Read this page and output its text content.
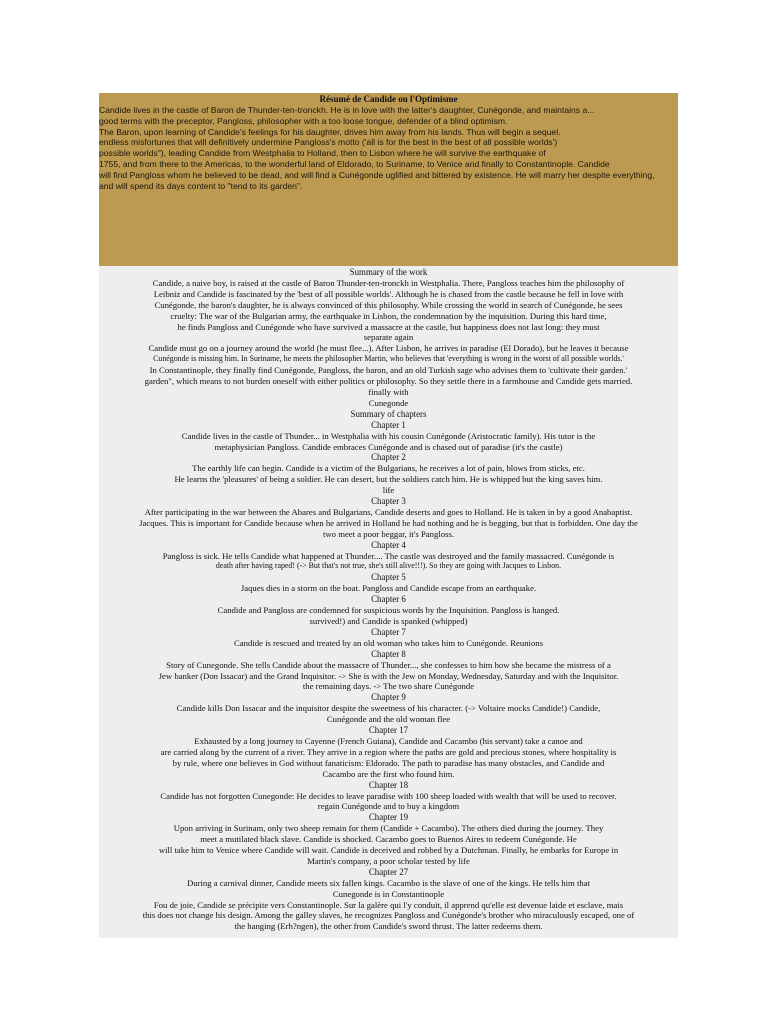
Résumé de Candide ou l'Optimisme
Candide lives in the castle of Baron de Thunder-ten-tronckh. He is in love with the latter's daughter, Cunégonde, and maintains a...
good terms with the preceptor, Pangloss, philosopher with a too loose tongue, defender of a blind optimism.
The Baron, upon learning of Candide's feelings for his daughter, drives him away from his lands. Thus will begin a sequel.
endless misfortunes that will definitively undermine Pangloss's motto ('all is for the best in the best of all possible worlds')
possible worlds"), leading Candide from Westphalia to Holland, then to Lisbon where he will survive the earthquake of
1755, and from there to the Americas, to the wonderful land of Eldorado, to Suriname, to Venice and finally to Constantinople. Candide
will find Pangloss whom he believed to be dead, and will find a Cunégonde uglified and bittered by existence. He will marry her despite everything,
and will spend its days content to "tend to its garden".
Summary of the work
Candide, a naive boy, is raised at the castle of Baron Thunder-ten-tronckh in Westphalia. There, Pangloss teaches him the philosophy of
Leibniz and Candide is fascinated by the 'best of all possible worlds'. Although he is chased from the castle because he fell in love with
Cunégonde, the baron's daughter, he is always convinced of this philosophy. While crossing the world in search of Cunégonde, he sees
cruelty: The war of the Bulgarian army, the earthquake in Lisbon, the condemnation by the inquisition. During this hard time,
he finds Pangloss and Cunégonde who have survived a massacre at the castle, but happiness does not last long: they must
separate again
Candide must go on a journey around the world (he must flee...). After Lisbon, he arrives in paradise (El Dorado), but he leaves it because
Cunégonde is missing him. In Suriname, he meets the philosopher Martin, who believes that 'everything is wrong in the worst of all possible worlds.'
In Constantinople, they finally find Cunégonde, Pangloss, the baron, and an old Turkish sage who advises them to 'cultivate their garden.'
garden", which means to not burden oneself with either politics or philosophy. So they settle there in a farmhouse and Candide gets married.
finally with
Cunegonde
Summary of chapters
Chapter 1
Candide lives in the castle of Thunder... in Westphalia with his cousin Cunégonde (Aristocratic family). His tutor is the
metaphysician Pangloss. Candide embraces Cunégonde and is chased out of paradise (it's the castle)
Chapter 2
The earthly life can begin. Candide is a victim of the Bulgarians, he receives a lot of pain, blows from sticks, etc.
He learns the 'pleasures' of being a soldier. He can desert, but the soldiers catch him. He is whipped but the king saves him.
life
Chapter 3
After participating in the war between the Abares and Bulgarians, Candide deserts and goes to Holland. He is taken in by a good Anabaptist.
Jacques. This is important for Candide because when he arrived in Holland he had nothing and he is begging, but that is forbidden. One day the
two meet a poor beggar, it's Pangloss.
Chapter 4
Pangloss is sick. He tells Candide what happened at Thunder.... The castle was destroyed and the family massacred. Cunégonde is
death after having raped! (-> But that's not true, she's still alive!!!). So they are going with Jacques to Lisbon.
Chapter 5
Jaques dies in a storm on the boat. Pangloss and Candide escape from an earthquake.
Chapter 6
Candide and Pangloss are condemned for suspicious words by the Inquisition. Pangloss is hanged.
survived!) and Candide is spanked (whipped)
Chapter 7
Candide is rescued and treated by an old woman who takes him to Cunégonde. Reunions
Chapter 8
Story of Cunegonde. She tells Candide about the massacre of Thunder..., she confesses to him how she became the mistress of a
Jew banker (Don Issacar) and the Grand Inquisitor. -> She is with the Jew on Monday, Wednesday, Saturday and with the Inquisitor.
the remaining days. -> The two share Cunégonde
Chapter 9
Candide kills Don Issacar and the inquisitor despite the sweetness of his character. (-> Voltaire mocks Candide!) Candide,
Cunégonde and the old woman flee
Chapter 17
Exhausted by a long journey to Cayenne (French Guiana), Candide and Cacambo (his servant) take a canoe and
are carried along by the current of a river. They arrive in a region where the paths are gold and precious stones, where hospitality is
by rule, where one believes in God without fanaticism: Eldorado. The path to paradise has many obstacles, and Candide and
Cacambo are the first who found him.
Chapter 18
Candide has not forgotten Cunegonde: He decides to leave paradise with 100 sheep loaded with wealth that will be used to recover.
regain Cunégonde and to buy a kingdom
Chapter 19
Upon arriving in Surinam, only two sheep remain for them (Candide + Cacambo). The others died during the journey. They
meet a mutilated black slave. Candide is shocked. Cacambo goes to Buenos Aires to redeem Cunégonde. He
will take him to Venice where Candide will wait. Candide is deceived and robbed by a Dutchman. Finally, he embarks for Europe in
Martin's company, a poor scholar tested by life
Chapter 27
During a carnival dinner, Candide meets six fallen kings. Cacambo is the slave of one of the kings. He tells him that
Cunegonde is in Constantinople
Fou de joie, Candide se précipite vers Constantinople. Sur la galère qui l'y conduit, il apprend qu'elle est devenue laide et esclave, mais
this does not change his design. Among the galley slaves, he recognizes Pangloss and Cunégonde's brother who miraculously escaped, one of
the hanging (Erh?ngen), the other from Candide's sword thrust. The latter redeems them.
